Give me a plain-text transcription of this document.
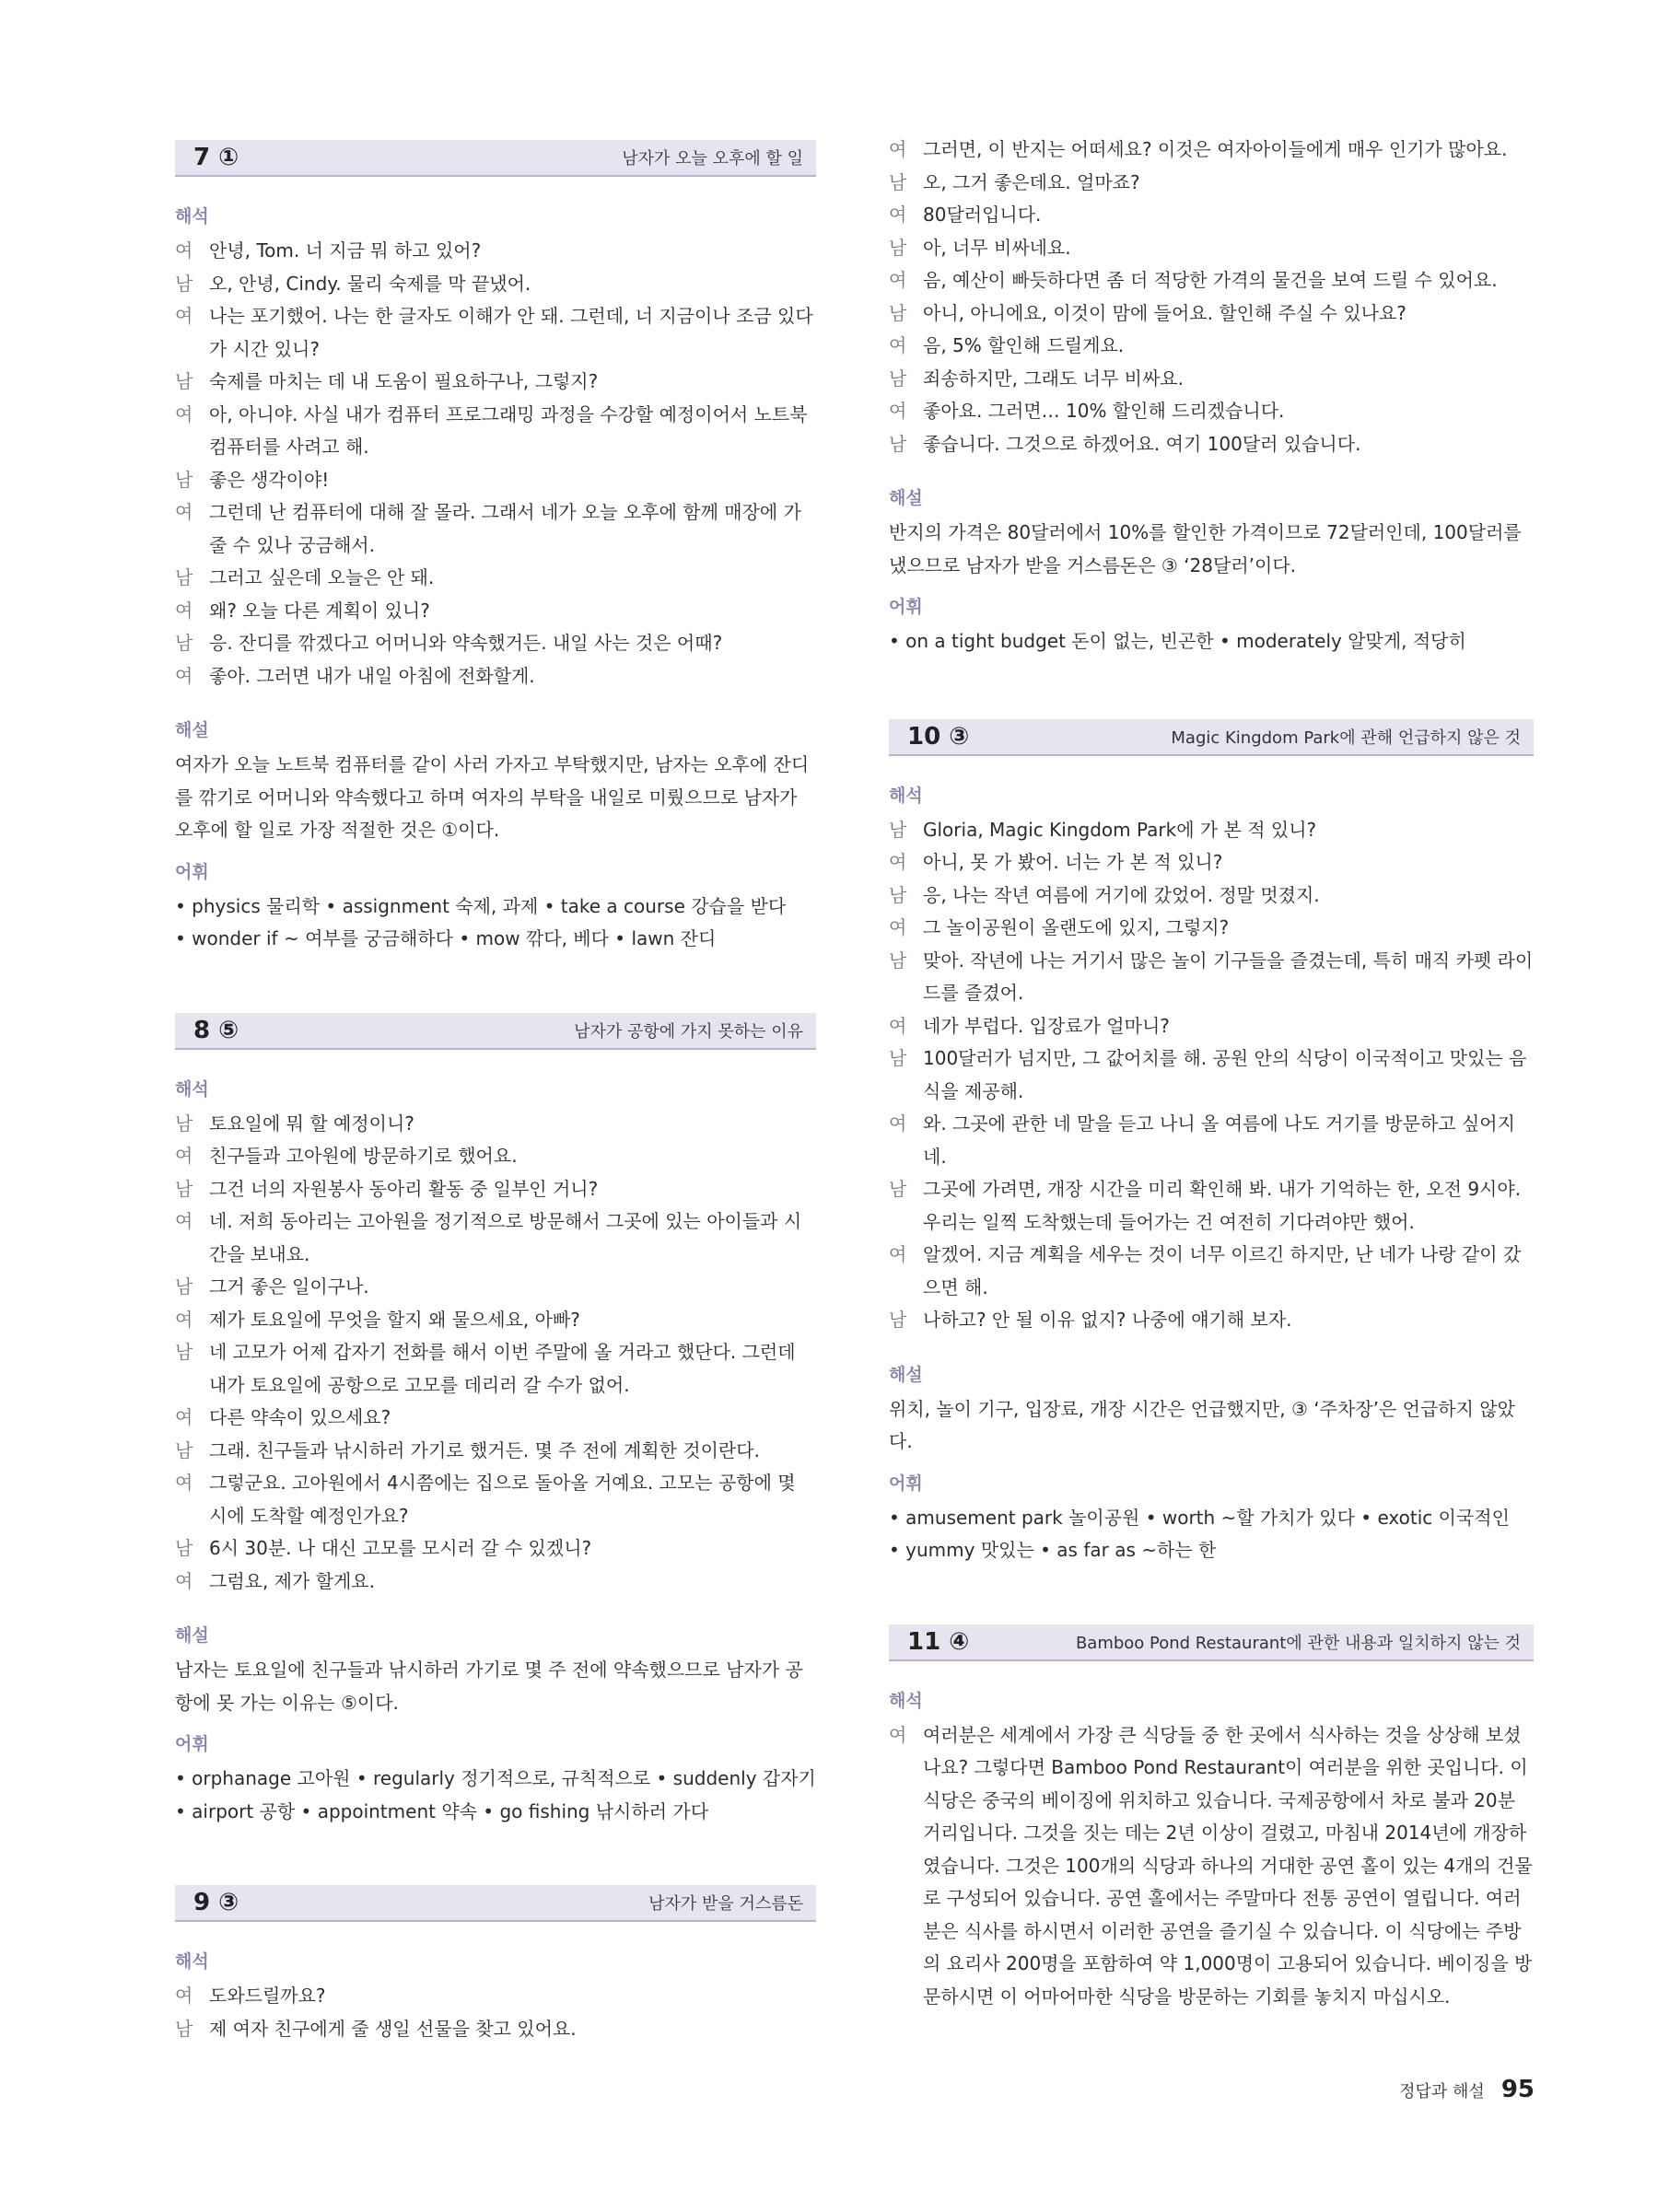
7 ①	남자가 오늘 오후에 할 일
해석
여 안녕, Tom. 너 지금 뭐 하고 있어?
남 오, 안녕, Cindy. 물리 숙제를 막 끝냈어.
여 나는 포기했어. 나는 한 글자도 이해가 안 돼. 그런데, 너 지금이나 조금 있다가 시간 있니?
남 숙제를 마치는 데 내 도움이 필요하구나, 그렇지?
여 아, 아니야. 사실 내가 컴퓨터 프로그래밍 과정을 수강할 예정이어서 노트북 컴퓨터를 사려고 해.
남 좋은 생각이야!
여 그런데 난 컴퓨터에 대해 잘 몰라. 그래서 네가 오늘 오후에 함께 매장에 가 줄 수 있나 궁금해서.
남 그러고 싶은데 오늘은 안 돼.
여 왜? 오늘 다른 계획이 있니?
남 응. 잔디를 깎겠다고 어머니와 약속했거든. 내일 사는 것은 어때?
여 좋아. 그러면 내가 내일 아침에 전화할게.
해설
여자가 오늘 노트북 컴퓨터를 같이 사러 가자고 부탁했지만, 남자는 오후에 잔디를 깎기로 어머니와 약속했다고 하며 여자의 부탁을 내일로 미뤘으므로 남자가 오후에 할 일로 가장 적절한 것은 ①이다.
어휘
• physics 물리학 • assignment 숙제, 과제 • take a course 강습을 받다
• wonder if ~ 여부를 궁금해하다 • mow 깎다, 베다 • lawn 잔디
8 ⑤	남자가 공항에 가지 못하는 이유
해석
남 토요일에 뭐 할 예정이니?
여 친구들과 고아원에 방문하기로 했어요.
남 그건 너의 자원봉사 동아리 활동 중 일부인 거니?
여 네. 저희 동아리는 고아원을 정기적으로 방문해서 그곳에 있는 아이들과 시간을 보내요.
남 그거 좋은 일이구나.
여 제가 토요일에 무엇을 할지 왜 물으세요, 아빠?
남 네 고모가 어제 갑자기 전화를 해서 이번 주말에 올 거라고 했단다. 그런데 내가 토요일에 공항으로 고모를 데리러 갈 수가 없어.
여 다른 약속이 있으세요?
남 그래. 친구들과 낚시하러 가기로 했거든. 몇 주 전에 계획한 것이란다.
여 그렇군요. 고아원에서 4시쯤에는 집으로 돌아올 거예요. 고모는 공항에 몇 시에 도착할 예정인가요?
남 6시 30분. 나 대신 고모를 모시러 갈 수 있겠니?
여 그럼요, 제가 할게요.
해설
남자는 토요일에 친구들과 낚시하러 가기로 몇 주 전에 약속했으므로 남자가 공항에 못 가는 이유는 ⑤이다.
어휘
• orphanage 고아원 • regularly 정기적으로, 규칙적으로 • suddenly 갑자기 • airport 공항 • appointment 약속 • go fishing 낚시하러 가다
9 ③	남자가 받을 거스름돈
해석
여 도와드릴까요?
남 제 여자 친구에게 줄 생일 선물을 찾고 있어요.
여 그러면, 이 반지는 어떠세요? 이것은 여자아이들에게 매우 인기가 많아요.
남 오, 그거 좋은데요. 얼마죠?
여 80달러입니다.
남 아, 너무 비싸네요.
여 음, 예산이 빠듯하다면 좀 더 적당한 가격의 물건을 보여 드릴 수 있어요.
남 아니, 아니에요, 이것이 맘에 들어요. 할인해 주실 수 있나요?
여 음, 5% 할인해 드릴게요.
남 죄송하지만, 그래도 너무 비싸요.
여 좋아요. 그러면… 10% 할인해 드리겠습니다.
남 좋습니다. 그것으로 하겠어요. 여기 100달러 있습니다.
해설
반지의 가격은 80달러에서 10%를 할인한 가격이므로 72달러인데, 100달러를 냈으므로 남자가 받을 거스름돈은 ③ ‘28달러’이다.
어휘
• on a tight budget 돈이 없는, 빈곤한 • moderately 알맞게, 적당히
10 ③	Magic Kingdom Park에 관해 언급하지 않은 것
해석
남 Gloria, Magic Kingdom Park에 가 본 적 있니?
여 아니, 못 가 봤어. 너는 가 본 적 있니?
남 응, 나는 작년 여름에 거기에 갔었어. 정말 멋졌지.
여 그 놀이공원이 올랜도에 있지, 그렇지?
남 맞아. 작년에 나는 거기서 많은 놀이 기구들을 즐겼는데, 특히 매직 카펫 라이드를 즐겼어.
여 네가 부럽다. 입장료가 얼마니?
남 100달러가 넘지만, 그 값어치를 해. 공원 안의 식당이 이국적이고 맛있는 음식을 제공해.
여 와. 그곳에 관한 네 말을 듣고 나니 올 여름에 나도 거기를 방문하고 싶어지네.
남 그곳에 가려면, 개장 시간을 미리 확인해 봐. 내가 기억하는 한, 오전 9시야. 우리는 일찍 도착했는데 들어가는 건 여전히 기다려야만 했어.
여 알겠어. 지금 계획을 세우는 것이 너무 이르긴 하지만, 난 네가 나랑 같이 갔으면 해.
남 나하고? 안 될 이유 없지? 나중에 얘기해 보자.
해설
위치, 놀이 기구, 입장료, 개장 시간은 언급했지만, ③ ‘주차장’은 언급하지 않았다.
어휘
• amusement park 놀이공원 • worth ~할 가치가 있다 • exotic 이국적인
• yummy 맛있는 • as far as ~하는 한
11 ④	Bamboo Pond Restaurant에 관한 내용과 일치하지 않는 것
해석
여 여러분은 세계에서 가장 큰 식당들 중 한 곳에서 식사하는 것을 상상해 보셨나요? 그렇다면 Bamboo Pond Restaurant이 여러분을 위한 곳입니다. 이 식당은 중국의 베이징에 위치하고 있습니다. 국제공항에서 차로 불과 20분 거리입니다. 그것을 짓는 데는 2년 이상이 걸렸고, 마침내 2014년에 개장하였습니다. 그것은 100개의 식당과 하나의 거대한 공연 홀이 있는 4개의 건물로 구성되어 있습니다. 공연 홀에서는 주말마다 전통 공연이 열립니다. 여러분은 식사를 하시면서 이러한 공연을 즐기실 수 있습니다. 이 식당에는 주방의 요리사 200명을 포함하여 약 1,000명이 고용되어 있습니다. 베이징을 방문하시면 이 어마어마한 식당을 방문하는 기회를 놓치지 마십시오.
정답과 해설 95
